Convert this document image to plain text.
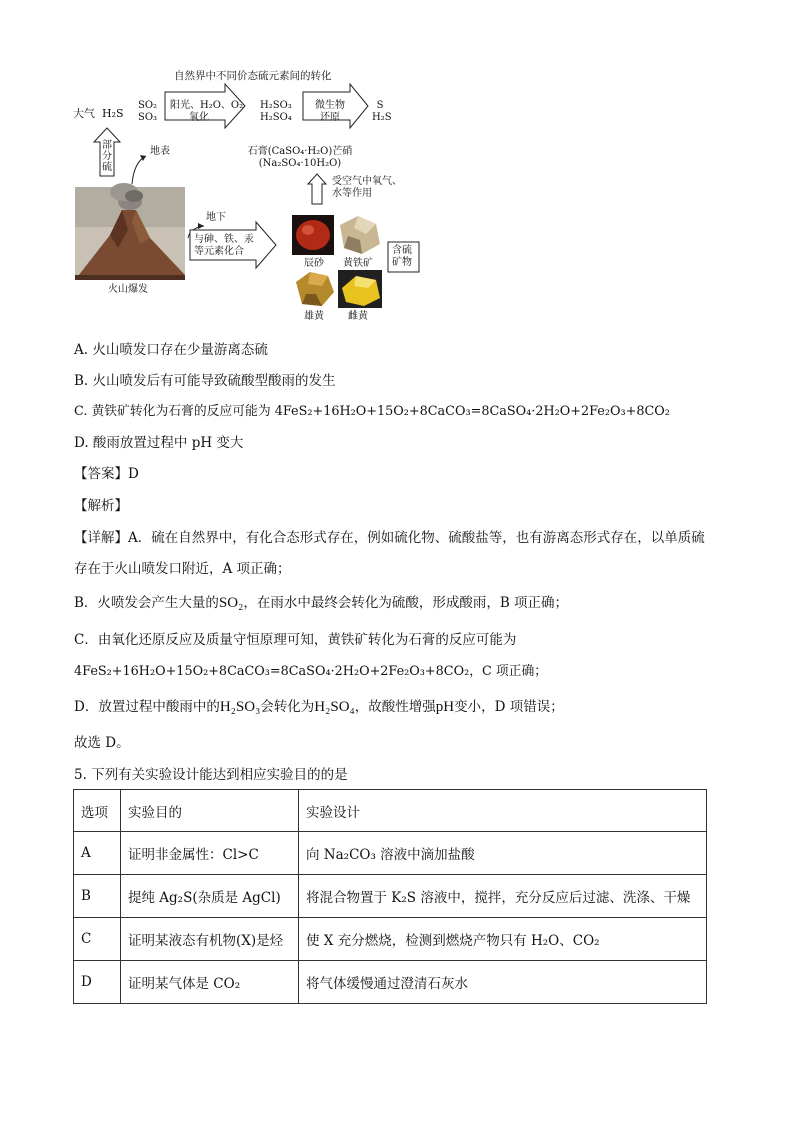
自然界中不同价态硫元素间的转化
大气 H₂S
SO₂
SO₃
阳光、H₂O、O₂
氧化
H₂SO₃
H₂SO₄
微生物
还原
S
H₂S
部
分
硫
地表	石膏(CaSO₄·H₂O)芒硝
(Na₂SO₄·10H₂O)
受空气中氧气、
水等作用
地下
与砷、铁、汞
等元素化合
火山爆发
辰砂 黄铁矿
雄黄 雌黄
含硫
矿物
A. 火山喷发口存在少量游离态硫
B. 火山喷发后有可能导致硫酸型酸雨的发生
C. 黄铁矿转化为石膏的反应可能为 4FeS₂+16H₂O+15O₂+8CaCO₃=8CaSO₄·2H₂O+2Fe₂O₃+8CO₂
D. 酸雨放置过程中 pH 变大
【答案】D
【解析】
【详解】A．硫在自然界中，有化合态形式存在，例如硫化物、硫酸盐等，也有游离态形式存在，以单质硫
存在于火山喷发口附近，A 项正确；
B．火喷发会产生大量的SO₂，在雨水中最终会转化为硫酸，形成酸雨，B 项正确；
C．由氧化还原反应及质量守恒原理可知，黄铁矿转化为石膏的反应可能为
4FeS₂+16H₂O+15O₂+8CaCO₃=8CaSO₄·2H₂O+2Fe₂O₃+8CO₂，C 项正确；
D．放置过程中酸雨中的H₂SO₃会转化为H₂SO₄，故酸性增强pH变小，D 项错误；
故选 D。
5. 下列有关实验设计能达到相应实验目的的是
选项	实验目的	实验设计
A	证明非金属性：Cl>C	向 Na₂CO₃ 溶液中滴加盐酸
B	提纯 Ag₂S(杂质是 AgCl)	将混合物置于 K₂S 溶液中，搅拌，充分反应后过滤、洗涤、干燥
C	证明某液态有机物(X)是烃	使 X 充分燃烧，检测到燃烧产物只有 H₂O、CO₂
D	证明某气体是 CO₂	将气体缓慢通过澄清石灰水
